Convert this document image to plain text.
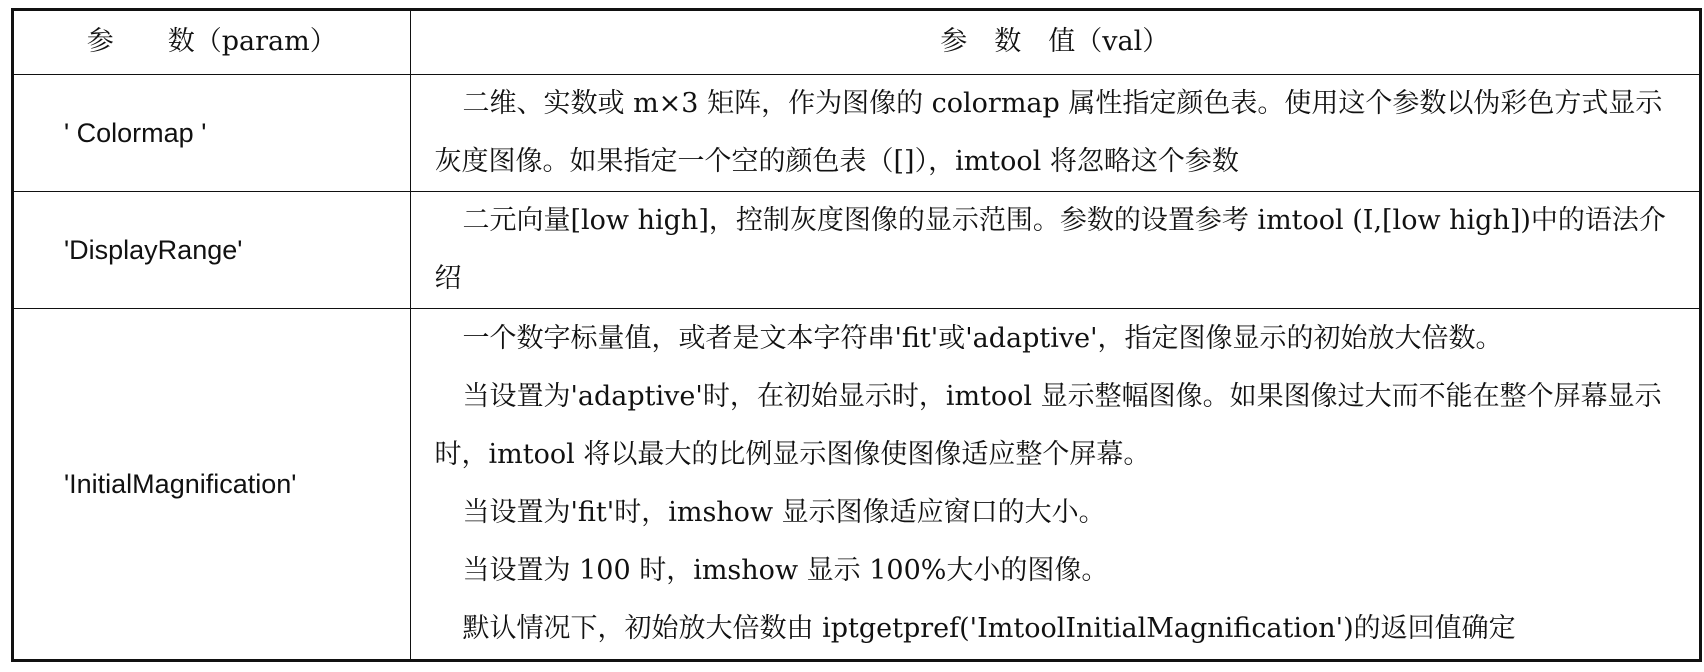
参　　数（param）	参　数　值（val）
' Colormap '	二维、实数或 m×3 矩阵，作为图像的 colormap 属性指定颜色表。使用这个参数以伪彩色方式显示灰度图像。如果指定一个空的颜色表（[]），imtool 将忽略这个参数

'DisplayRange'	二元向量[low high]，控制灰度图像的显示范围。参数的设置参考 imtool (I,[low high])中的语法介绍

'InitialMagnification'	一个数字标量值，或者是文本字符串'fit'或'adaptive'，指定图像显示的初始放大倍数。

当设置为'adaptive'时，在初始显示时，imtool 显示整幅图像。如果图像过大而不能在整个屏幕显示时，imtool 将以最大的比例显示图像使图像适应整个屏幕。

当设置为'fit'时，imshow 显示图像适应窗口的大小。

当设置为 100 时，imshow 显示 100%大小的图像。

默认情况下，初始放大倍数由 iptgetpref('ImtoolInitialMagnification')的返回值确定
